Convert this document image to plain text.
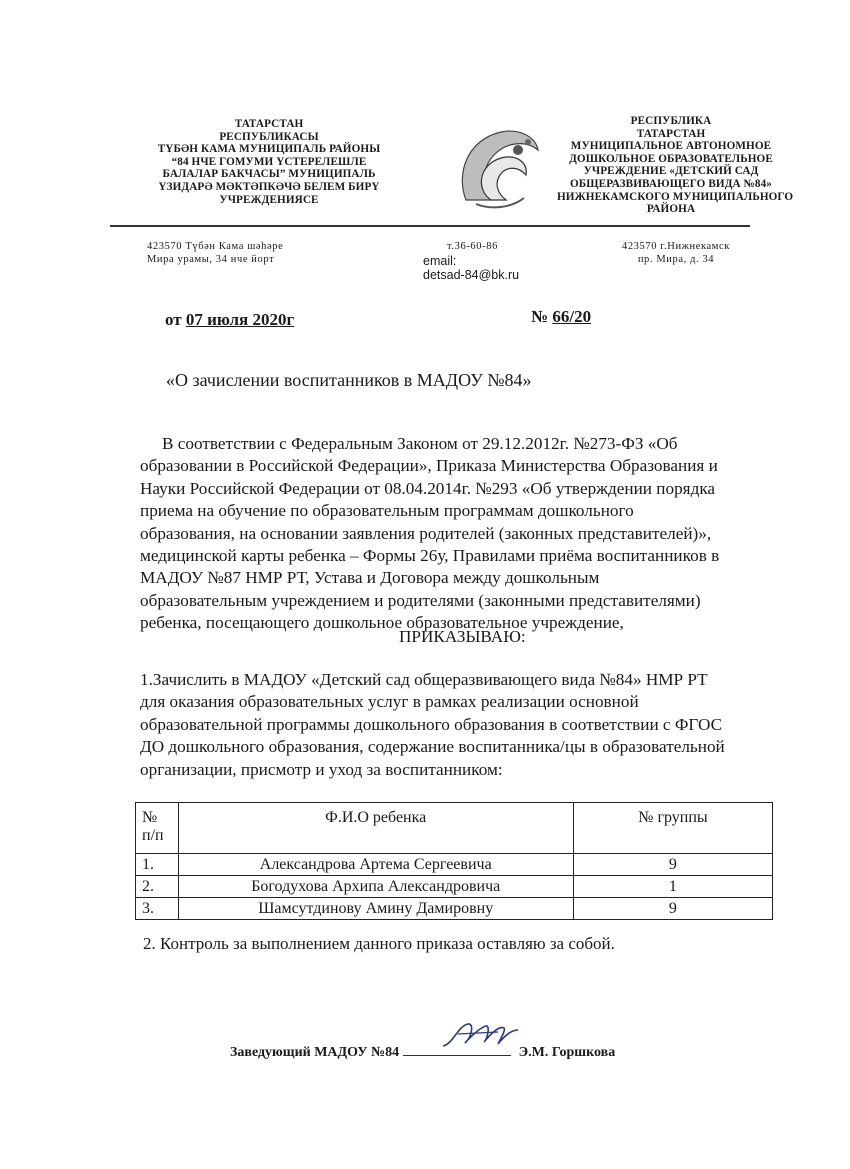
ТАТАРСТАН
РЕСПУБЛИКАСЫ
ТҮБӘН КАМА МУНИЦИПАЛЬ РАЙОНЫ
“84 НЧЕ ГОМУМИ ҮСТЕРЕЛЕШЛЕ
БАЛАЛАР БАКЧАСЫ” МУНИЦИПАЛЬ
ҮЗИДАРӘ МӘКТӘПКӘЧӘ БЕЛЕМ БИРҮ
УЧРЕЖДЕНИЯСЕ
РЕСПУБЛИКА
ТАТАРСТАН
МУНИЦИПАЛЬНОЕ АВТОНОМНОЕ
ДОШКОЛЬНОЕ ОБРАЗОВАТЕЛЬНОЕ
УЧРЕЖДЕНИЕ «ДЕТСКИЙ САД
ОБЩЕРАЗВИВАЮЩЕГО ВИДА №84»
НИЖНЕКАМСКОГО МУНИЦИПАЛЬНОГО
РАЙОНА
423570 Түбән Кама шәһәре
Мира урамы, 34 нче йорт
т.36-60-86
email:
detsad-84@bk.ru
423570 г.Нижнекамск
пр. Мира, д. 34
от 07 июля 2020г	№ 66/20
«О зачислении воспитанников в МАДОУ №84»
В соответствии с Федеральным Законом от 29.12.2012г. №273-ФЗ «Об
образовании в Российской Федерации», Приказа Министерства Образования и
Науки Российской Федерации от 08.04.2014г. №293 «Об утверждении порядка
приема на обучение по образовательным программам дошкольного
образования, на основании заявления родителей (законных представителей)»,
медицинской карты ребенка – Формы 26у, Правилами приёма воспитанников в
МАДОУ №87 НМР РТ, Устава и Договора между дошкольным
образовательным учреждением и родителями (законными представителями)
ребенка, посещающего дошкольное образовательное учреждение,
ПРИКАЗЫВАЮ:
1.Зачислить в МАДОУ «Детский сад общеразвивающего вида №84» НМР РТ
для оказания образовательных услуг в рамках реализации основной
образовательной программы дошкольного образования в соответствии с ФГОС
ДО дошкольного образования, содержание воспитанника/цы в образовательной
организации, присмотр и уход за воспитанником:
№ п/п	Ф.И.О ребенка	№ группы
1.	Александрова Артема Сергеевича	9
2.	Богодухова Архипа Александровича	1
3.	Шамсутдинову Амину Дамировну	9
2. Контроль за выполнением данного приказа оставляю за собой.
Заведующий МАДОУ №84	Э.М. Горшкова
